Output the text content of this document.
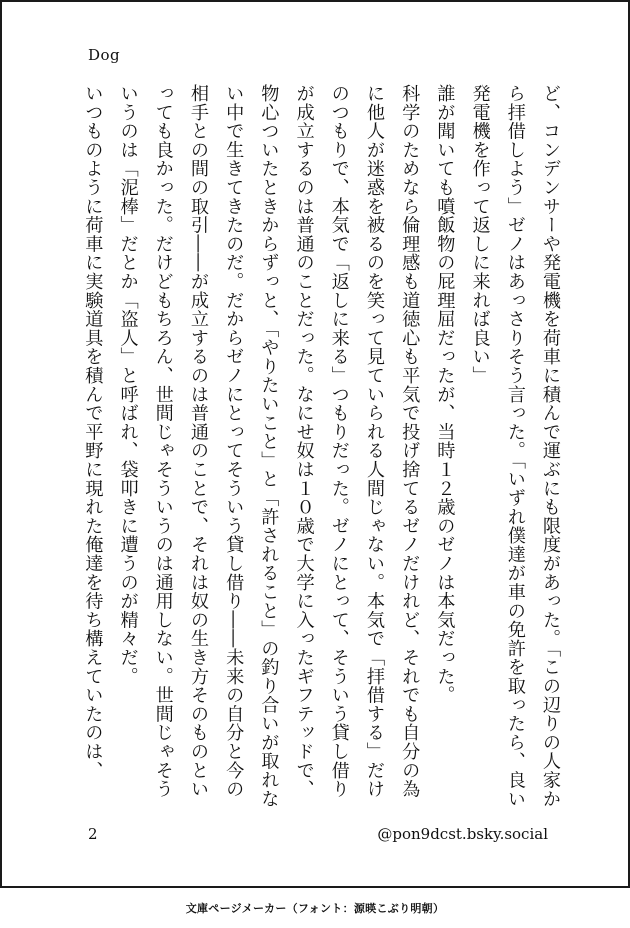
Dog

ど、コンデンサーや発電機を荷車に積んで運ぶにも限度があった。「この辺りの人家から拝借しよう」ゼノはあっさりそう言った。「いずれ僕達が車の免許を取ったら、良い発電機を作って返しに来れば良い」

誰が聞いても噴飯物の屁理屈だったが、当時１２歳のゼノは本気だった。

科学のためなら倫理感も道徳心も平気で投げ捨てるゼノだけれど、それでも自分の為に他人が迷惑を被るのを笑って見ていられる人間じゃない。本気で「拝借する」だけのつもりで、本気で「返しに来る」つもりだった。ゼノにとって、そういう貸し借りが成立するのは普通のことだった。なにせ奴は１０歳で大学に入ったギフテッドで、物心ついたときからずっと、「やりたいこと」と「許されること」の釣り合いが取れない中で生きてきたのだ。だからゼノにとってそういう貸し借り――未来の自分と今の相手との間の取引――が成立するのは普通のことで、それは奴の生き方そのものといっても良かった。だけどもちろん、世間じゃそういうのは通用しない。世間じゃそういうのは「泥棒」だとか「盗人」と呼ばれ、袋叩きに遭うのが精々だ。

いつものように荷車に実験道具を積んで平野に現れた俺達を待ち構えていたのは、

2	@pon9dcst.bsky.social
文庫ページメーカー（フォント：源暎こぶり明朝）
